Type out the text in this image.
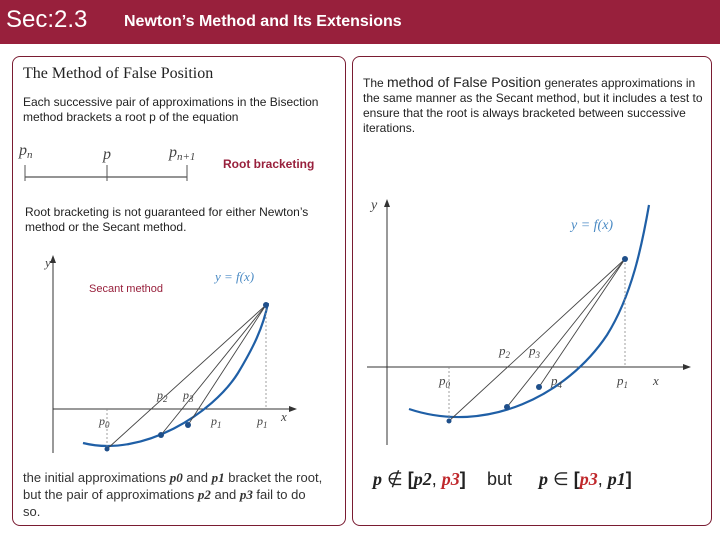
Sec:2.3 Newton’s Method and Its Extensions
The Method of False Position
Each successive pair of approximations in the Bisection method brackets a root p of the equation
pn	p	pn+1 Root bracketing
Root bracketing is not guaranteed for either Newton’s method or the Secant method.
y
x
y = f(x)
$p_0$
$p_2$ $p_3$
$p_1$	$p_1$
Secant method
the initial approximations p0 and p1 bracket the root, but the pair of approximations p2 and p3 fail to do so.
The method of False Position generates approximations in the same manner as the Secant method, but it includes a test to ensure that the root is always bracketed between successive iterations.
y
x
y = f(x)
$p_0$
$p_2$ $p_3$
$p_4$	$p_1$
p ∉ [p2, p3] but p ∈ [p3, p1]
